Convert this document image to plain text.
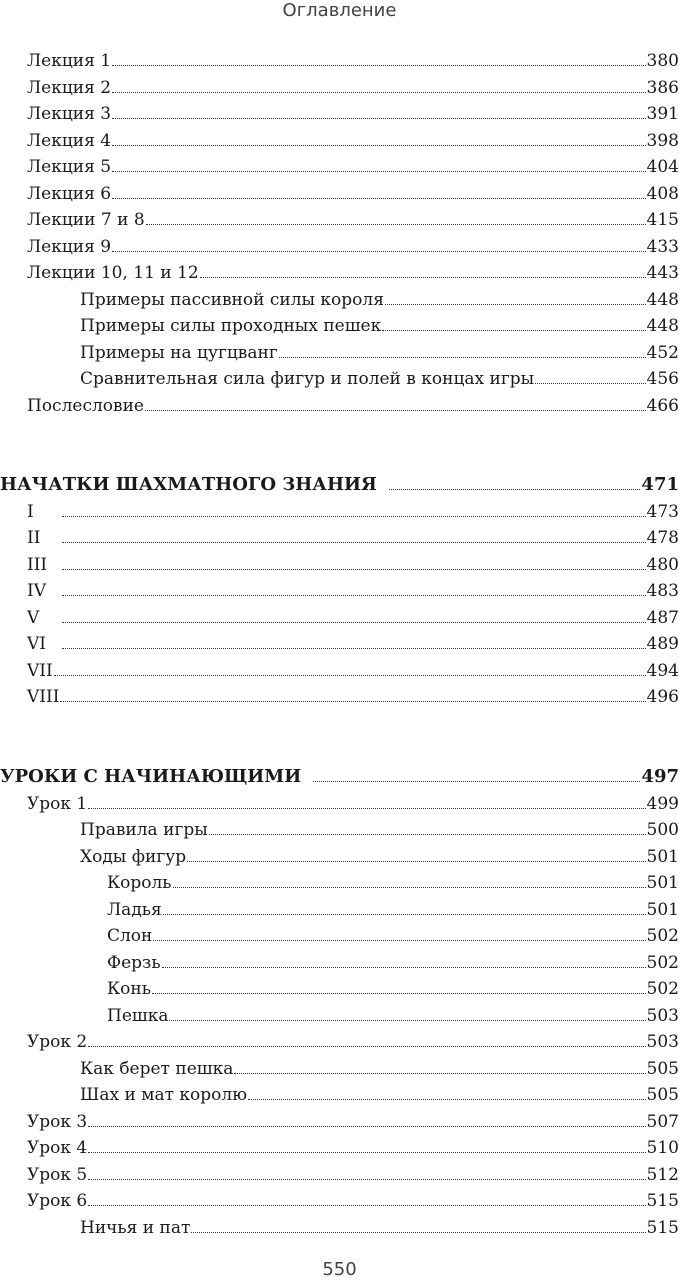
Оглавление
Лекция 1	380
Лекция 2	386
Лекция 3	391
Лекция 4	398
Лекция 5	404
Лекция 6	408
Лекции 7 и 8	415
Лекция 9	433
Лекции 10, 11 и 12	443
Примеры пассивной силы короля	448
Примеры силы проходных пешек	448
Примеры на цугцванг	452
Сравнительная сила фигур и полей в концах игры	456
Послесловие	466
НАЧАТКИ ШАХМАТНОГО ЗНАНИЯ	471
I	473
II	478
III	480
IV	483
V	487
VI	489
VII	494
VIII	496
УРОКИ С НАЧИНАЮЩИМИ	497
Урок 1	499
Правила игры	500
Ходы фигур	501
Король	501
Ладья	501
Слон	502
Ферзь	502
Конь	502
Пешка	503
Урок 2	503
Как берет пешка	505
Шах и мат королю	505
Урок 3	507
Урок 4	510
Урок 5	512
Урок 6	515
Ничья и пат	515
550
